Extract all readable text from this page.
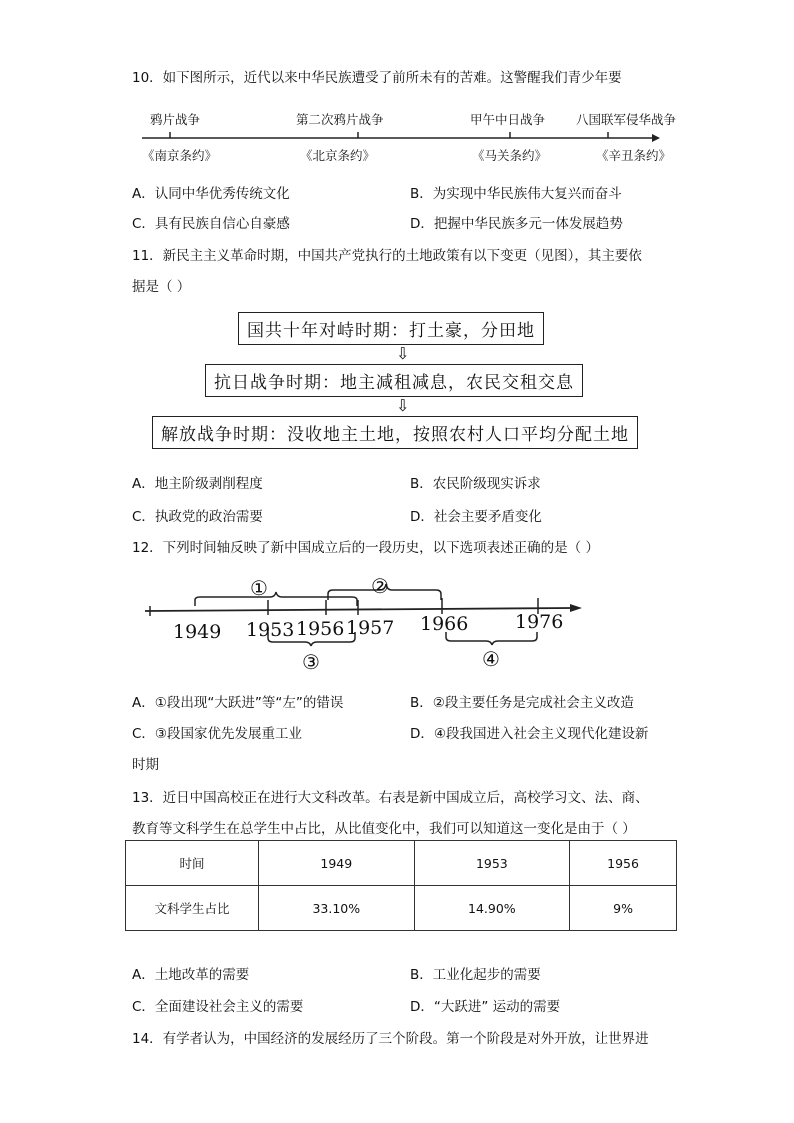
10．如下图所示，近代以来中华民族遭受了前所未有的苦难。这警醒我们青少年要
鸦片战争	第二次鸦片战争	甲午中日战争 八国联军侵华战争
《南京条约》	《北京条约》	《马关条约》	《辛丑条约》
A．认同中华优秀传统文化	B．为实现中华民族伟大复兴而奋斗
C．具有民族自信心自豪感	D．把握中华民族多元一体发展趋势
11．新民主主义革命时期，中国共产党执行的土地政策有以下变更（见图），其主要依
据是（ ）
国共十年对峙时期：打土豪，分田地
⇩
抗日战争时期：地主减租减息，农民交租交息
⇩
解放战争时期：没收地主土地，按照农村人口平均分配土地
A．地主阶级剥削程度	B．农民阶级现实诉求
C．执政党的政治需要	D．社会主要矛盾变化
12．下列时间轴反映了新中国成立后的一段历史，以下选项表述正确的是（ ）
1949 1953 1956 1957 1966 1976
①	②
③	④
A．①段出现“大跃进”等“左”的错误	B．②段主要任务是完成社会主义改造
C．③段国家优先发展重工业	D．④段我国进入社会主义现代化建设新
时期
13．近日中国高校正在进行大文科改革。右表是新中国成立后，高校学习文、法、商、
教育等文科学生在总学生中占比，从比值变化中，我们可以知道这一变化是由于（ ）
时间	1949	1953	1956
文科学生占比	33.10%	14.90%	9%
A．土地改革的需要	B．工业化起步的需要
C．全面建设社会主义的需要	D．“大跃进” 运动的需要
14．有学者认为，中国经济的发展经历了三个阶段。第一个阶段是对外开放，让世界进
